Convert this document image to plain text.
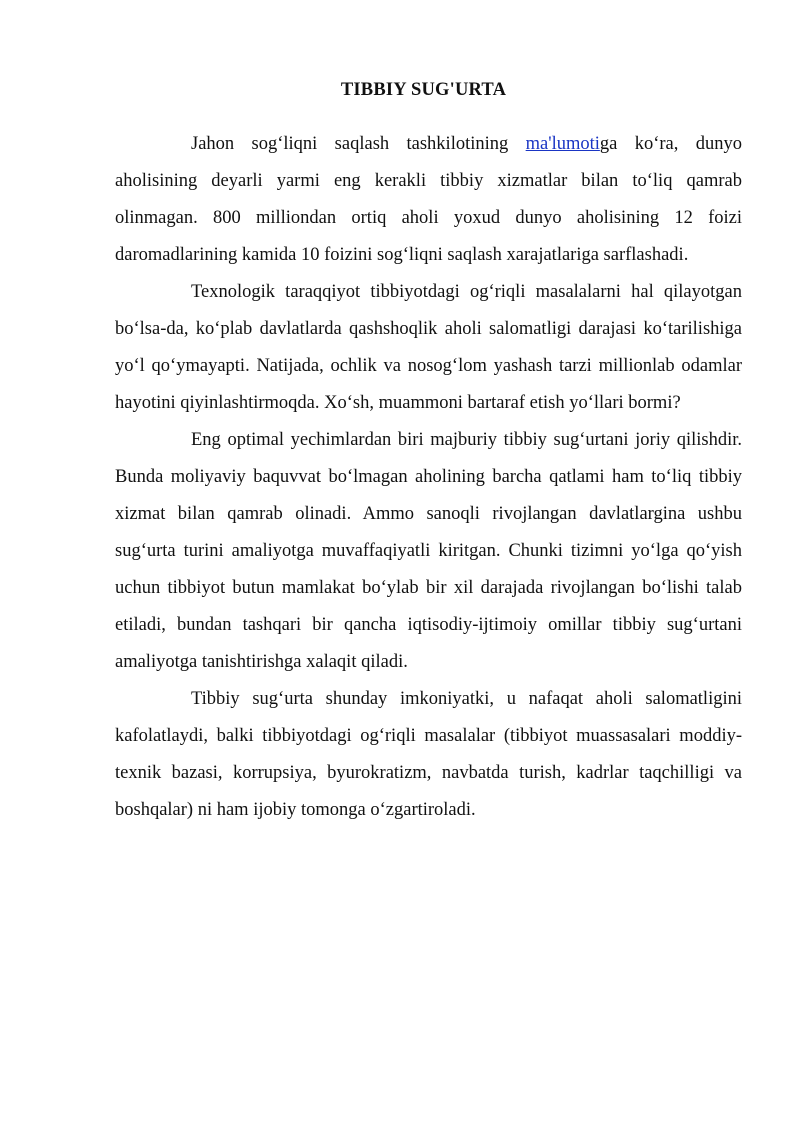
TIBBIY SUG'URTA

Jahon sog‘liqni saqlash tashkilotining ma'lumotiga ko‘ra, dunyo aholisining deyarli yarmi eng kerakli tibbiy xizmatlar bilan to‘liq qamrab olinmagan. 800 milliondan ortiq aholi yoxud dunyo aholisining 12 foizi daromadlarining kamida 10 foizini sog‘liqni saqlash xarajatlariga sarflashadi.

Texnologik taraqqiyot tibbiyotdagi og‘riqli masalalarni hal qilayotgan bo‘lsa-da, ko‘plab davlatlarda qashshoqlik aholi salomatligi darajasi ko‘tarilishiga yo‘l qo‘ymayapti. Natijada, ochlik va nosog‘lom yashash tarzi millionlab odamlar hayotini qiyinlashtirmoqda. Xo‘sh, muammoni bartaraf etish yo‘llari bormi?

Eng optimal yechimlardan biri majburiy tibbiy sug‘urtani joriy qilishdir. Bunda moliyaviy baquvvat bo‘lmagan aholining barcha qatlami ham to‘liq tibbiy xizmat bilan qamrab olinadi. Ammo sanoqli rivojlangan davlatlargina ushbu sug‘urta turini amaliyotga muvaffaqiyatli kiritgan. Chunki tizimni yo‘lga qo‘yish uchun tibbiyot butun mamlakat bo‘ylab bir xil darajada rivojlangan bo‘lishi talab etiladi, bundan tashqari bir qancha iqtisodiy-ijtimoiy omillar tibbiy sug‘urtani amaliyotga tanishtirishga xalaqit qiladi.

Tibbiy sug‘urta shunday imkoniyatki, u nafaqat aholi salomatligini kafolatlaydi, balki tibbiyotdagi og‘riqli masalalar (tibbiyot muassasalari moddiy-texnik bazasi, korrupsiya, byurokratizm, navbatda turish, kadrlar taqchilligi va boshqalar) ni ham ijobiy tomonga o‘zgartiroladi.
